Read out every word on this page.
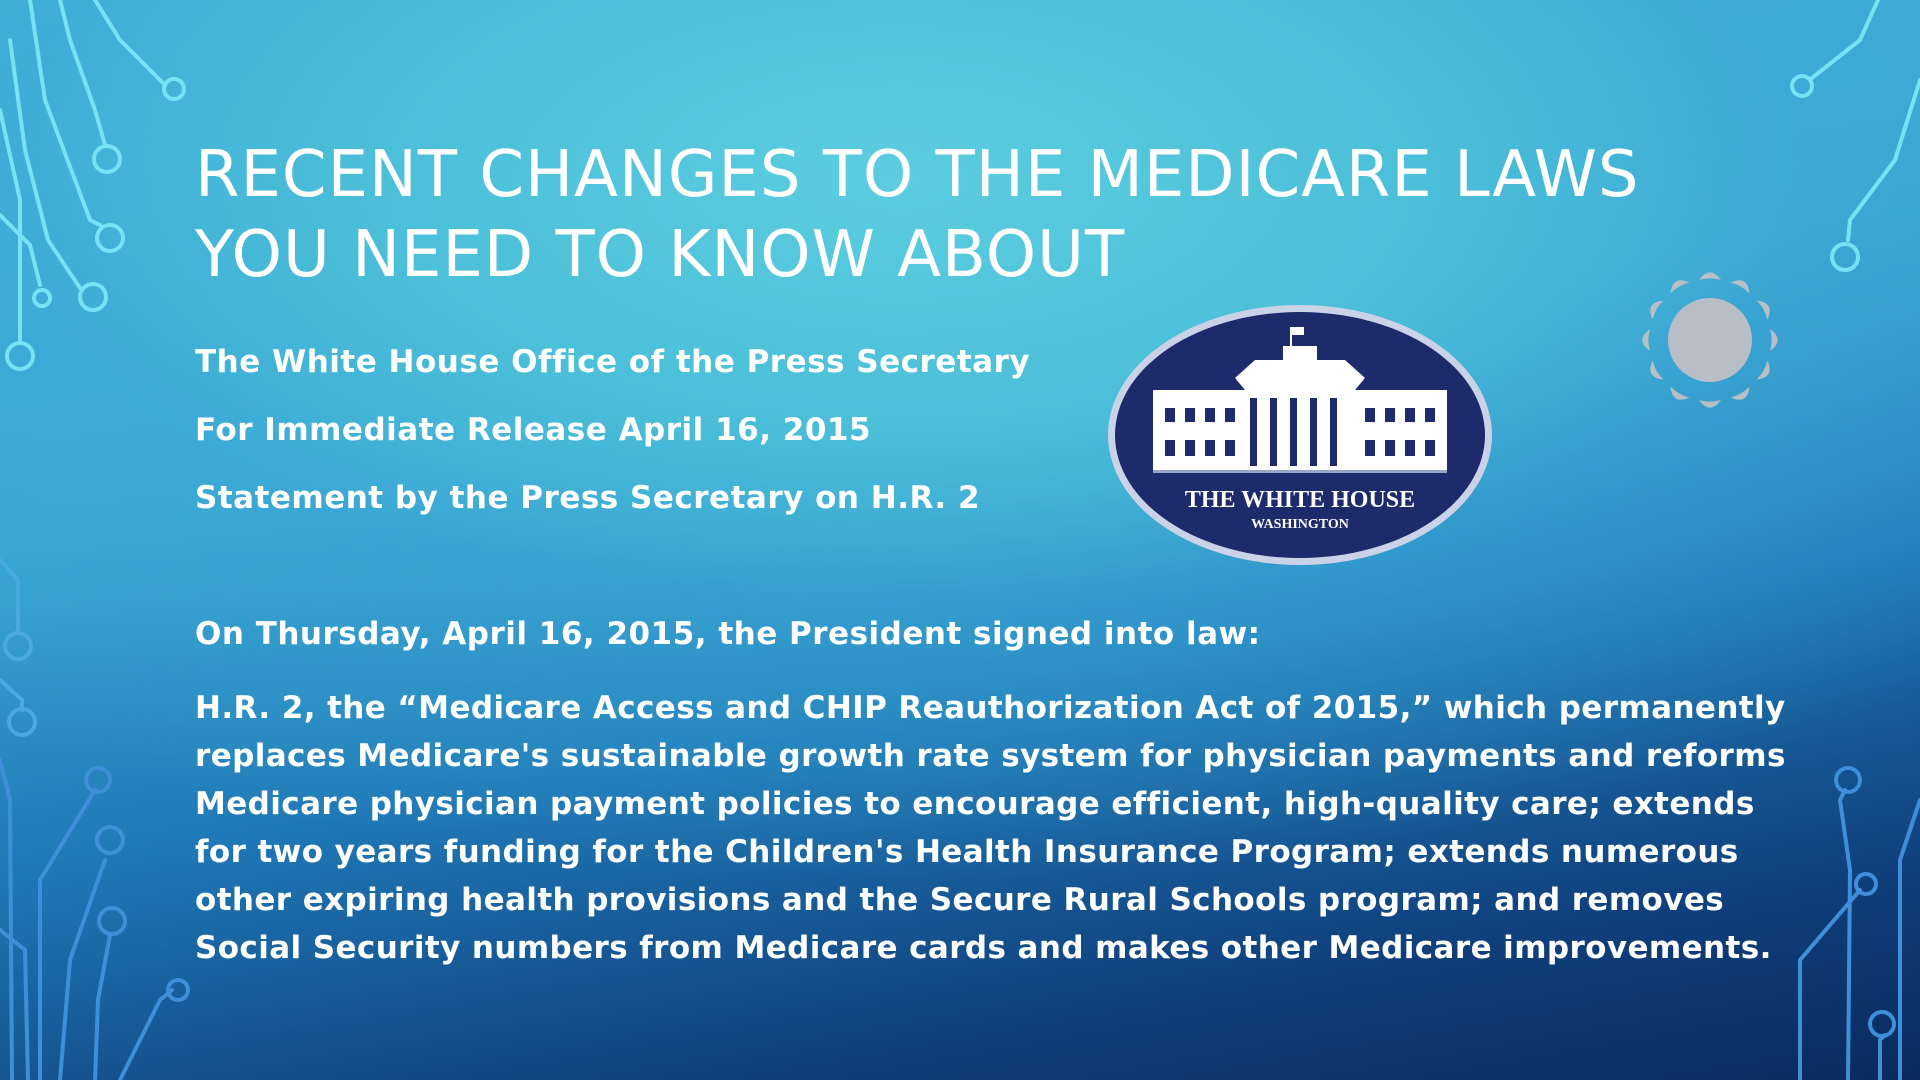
RECENT CHANGES TO THE MEDICARE LAWS YOU NEED TO KNOW ABOUT
The White House Office of the Press Secretary
For Immediate Release April 16, 2015
Statement by the Press Secretary on H.R. 2
On Thursday, April 16, 2015, the President signed into law:

H.R. 2, the “Medicare Access and CHIP Reauthorization Act of 2015,” which permanently replaces Medicare's sustainable growth rate system for physician payments and reforms Medicare physician payment policies to encourage efficient, high-quality care; extends for two years funding for the Children's Health Insurance Program; extends numerous other expiring health provisions and the Secure Rural Schools program; and removes Social Security numbers from Medicare cards and makes other Medicare improvements.

THE WHITE HOUSE
WASHINGTON
